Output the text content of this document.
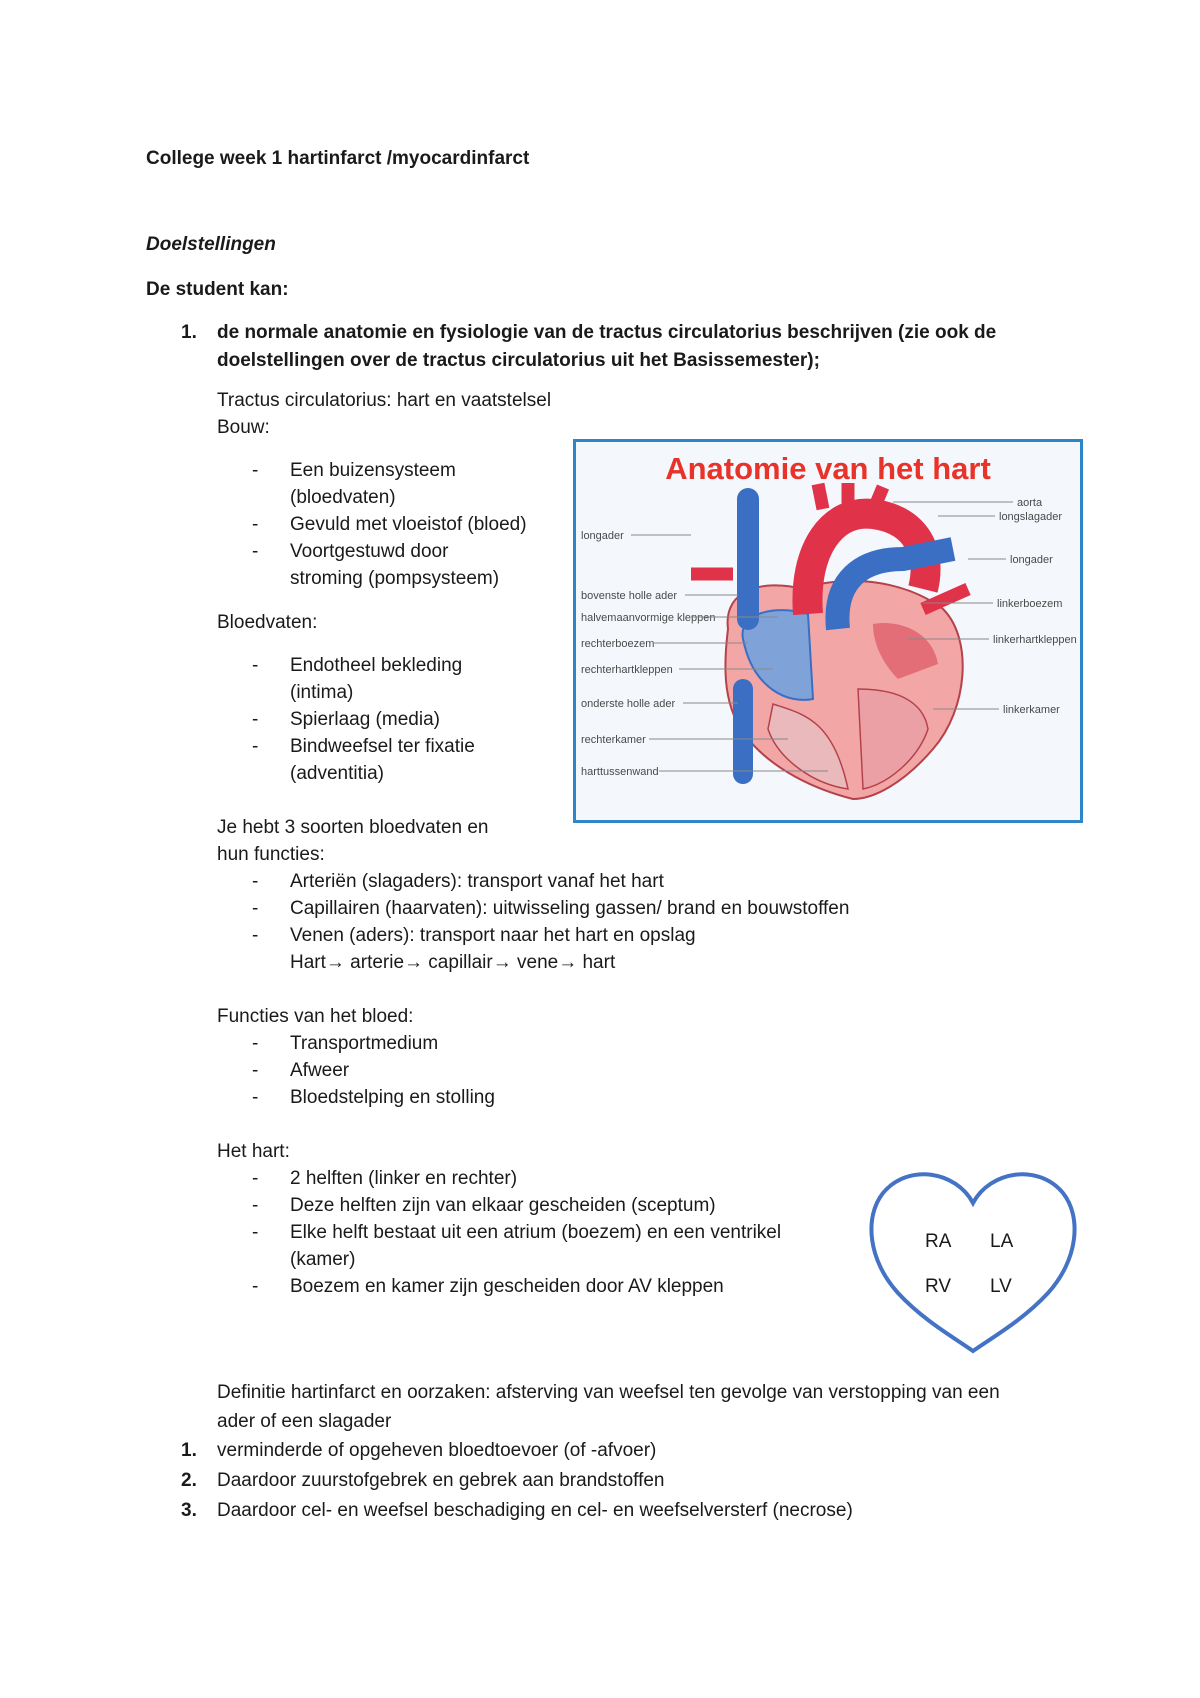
College week 1 hartinfarct /myocardinfarct
Doelstellingen
De student kan:
1. de normale anatomie en fysiologie van de tractus circulatorius beschrijven (zie ook de
doelstellingen over de tractus circulatorius uit het Basissemester);
Tractus circulatorius: hart en vaatstelsel
Bouw:
- Een buizensysteem
(bloedvaten)
- Gevuld met vloeistof (bloed)
- Voortgestuwd door
stroming (pompsysteem)
Bloedvaten:
- Endotheel bekleding
(intima)
- Spierlaag (media)
- Bindweefsel ter fixatie
(adventitia)
Je hebt 3 soorten bloedvaten en
hun functies:
- Arteriën (slagaders): transport vanaf het hart
- Capillairen (haarvaten): uitwisseling gassen/ brand en bouwstoffen
- Venen (aders): transport naar het hart en opslag
Hart→ arterie→ capillair→ vene→ hart
Functies van het bloed:
- Transportmedium
- Afweer
- Bloedstelping en stolling
Het hart:
- 2 helften (linker en rechter)
- Deze helften zijn van elkaar gescheiden (sceptum)
- Elke helft bestaat uit een atrium (boezem) en een ventrikel
(kamer)
- Boezem en kamer zijn gescheiden door AV kleppen
Definitie hartinfarct en oorzaken: afsterving van weefsel ten gevolge van verstopping van een
ader of een slagader
1. verminderde of opgeheven bloedtoevoer (of -afvoer)
2. Daardoor zuurstofgebrek en gebrek aan brandstoffen
3. Daardoor cel- en weefsel beschadiging en cel- en weefselversterf (necrose)
Anatomie van het hart
longader
bovenste holle ader
halvemaanvormige kleppen
rechterboezem
rechterhartkleppen
onderste holle ader
rechterkamer
harttussenwand
aorta
longslagader
longader
linkerboezem
linkerhartkleppen
linkerkamer
RA LA
RV LV
